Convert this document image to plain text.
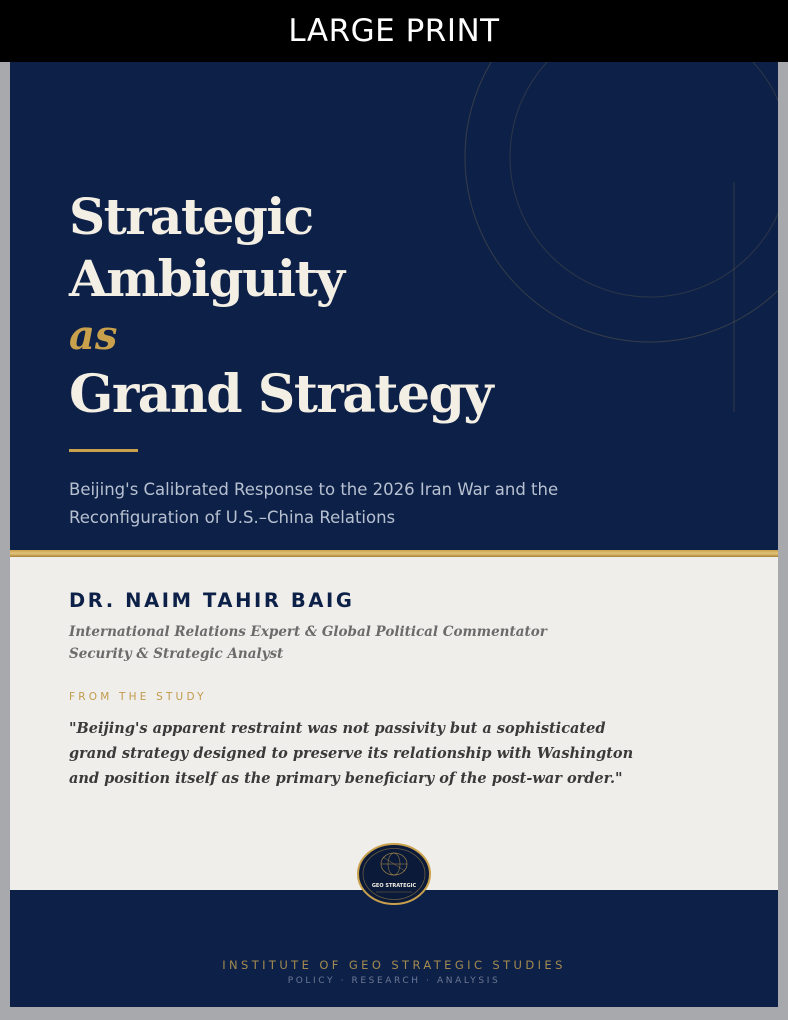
LARGE PRINT
Strategic
Ambiguity
as
Grand Strategy
Beijing's Calibrated Response to the 2026 Iran War and the
Reconfiguration of U.S.–China Relations
DR. NAIM TAHIR BAIG
International Relations Expert & Global Political Commentator
Security & Strategic Analyst
FROM THE STUDY
"Beijing's apparent restraint was not passivity but a sophisticated
grand strategy designed to preserve its relationship with Washington
and position itself as the primary beneficiary of the post-war order."
INSTITUTE OF GEO STRATEGIC STUDIES
POLICY · RESEARCH · ANALYSIS
GEO STRATEGIC
